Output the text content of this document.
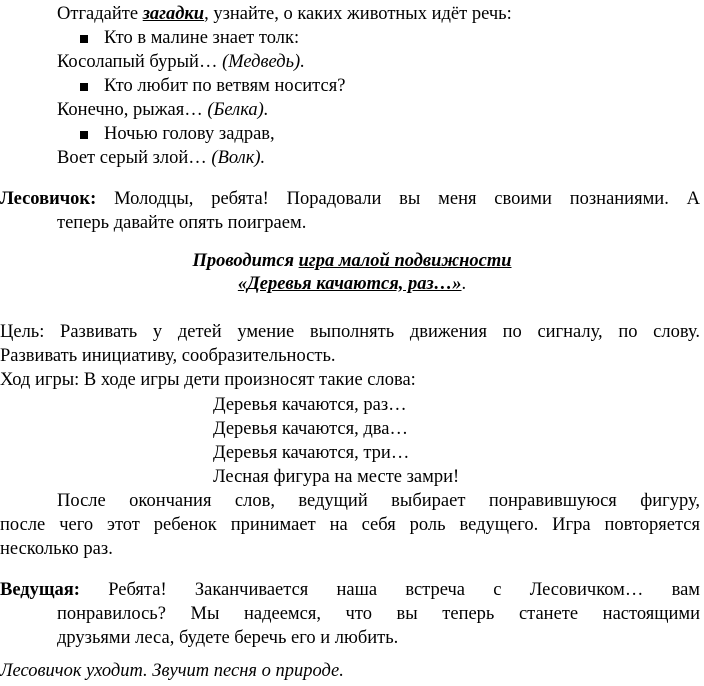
Отгадайте загадки, узнайте, о каких животных идёт речь:
Кто в малине знает толк:
Косолапый бурый… (Медведь).
Кто любит по ветвям носится?
Конечно, рыжая… (Белка).
Ночью голову задрав,
Воет серый злой… (Волк).
Лесовичок: Молодцы, ребята! Порадовали вы меня своими познаниями. А
теперь давайте опять поиграем.
Проводится игра малой подвижности
«Деревья качаются, раз…».
Цель: Развивать у детей умение выполнять движения по сигналу, по слову.
Развивать инициативу, сообразительность.
Ход игры: В ходе игры дети произносят такие слова:
Деревья качаются, раз…
Деревья качаются, два…
Деревья качаются, три…
Лесная фигура на месте замри!
После окончания слов, ведущий выбирает понравившуюся фигуру,
после чего этот ребенок принимает на себя роль ведущего. Игра повторяется
несколько раз.
Ведущая: Ребята! Заканчивается наша встреча с Лесовичком… вам
понравилось? Мы надеемся, что вы теперь станете настоящими
друзьями леса, будете беречь его и любить.
Лесовичок уходит. Звучит песня о природе.
